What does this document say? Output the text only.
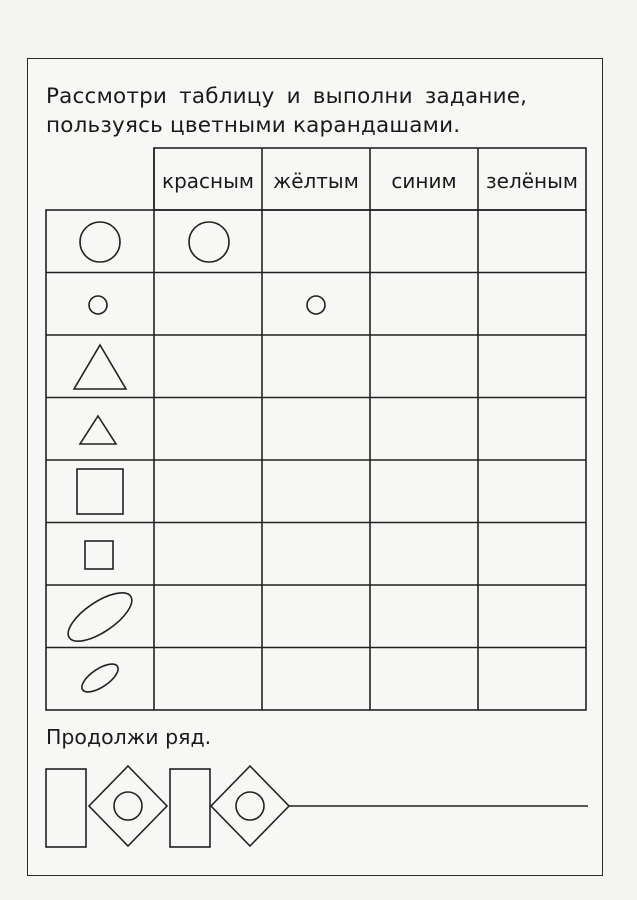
Рассмотри таблицу и выполни задание,
пользуясь цветными карандашами.
красным жёлтым	синим	зелёным
Продолжи ряд.
